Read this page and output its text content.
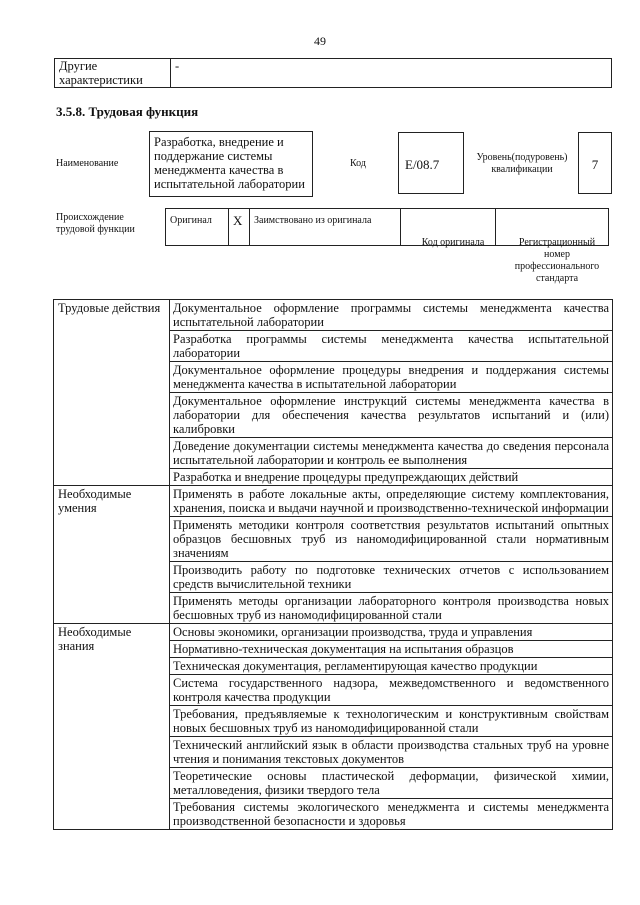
49
Другие характеристики	-
3.5.8. Трудовая функция
Наименование
Разработка, внедрение и поддержание системы менеджмента качества в испытательной лаборатории
Код	E/08.7	Уровень(подуровень) квалификации	7
Происхождение трудовой функции
Оригинал	X	Заимствовано из оригинала		
Код оригинала	Регистрационный номер профессионального стандарта
Трудовые действия	Документальное оформление программы системы менеджмента качества испытательной лаборатории
	Разработка программы системы менеджмента качества испытательной лаборатории
	Документальное оформление процедуры внедрения и поддержания системы менеджмента качества в испытательной лаборатории
	Документальное оформление инструкций системы менеджмента качества в лаборатории для обеспечения качества результатов испытаний и (или) калибровки
	Доведение документации системы менеджмента качества до сведения персонала испытательной лаборатории и контроль ее выполнения
	Разработка и внедрение процедуры предупреждающих действий
Необходимые умения	Применять в работе локальные акты, определяющие систему комплектования, хранения, поиска и выдачи научной и производственно-технической информации
	Применять методики контроля соответствия результатов испытаний опытных образцов бесшовных труб из наномодифицированной стали нормативным значениям
	Производить работу по подготовке технических отчетов с использованием средств вычислительной техники
	Применять методы организации лабораторного контроля производства новых бесшовных труб из наномодифицированной стали
Необходимые знания	Основы экономики, организации производства, труда и управления
	Нормативно-техническая документация на испытания образцов
	Техническая документация, регламентирующая качество продукции
	Система государственного надзора, межведомственного и ведомственного контроля качества продукции
	Требования, предъявляемые к технологическим и конструктивным свойствам новых бесшовных труб из наномодифицированной стали
	Технический английский язык в области производства стальных труб на уровне чтения и понимания текстовых документов
	Теоретические основы пластической деформации, физической химии, металловедения, физики твердого тела
	Требования системы экологического менеджмента и системы менеджмента производственной безопасности и здоровья
